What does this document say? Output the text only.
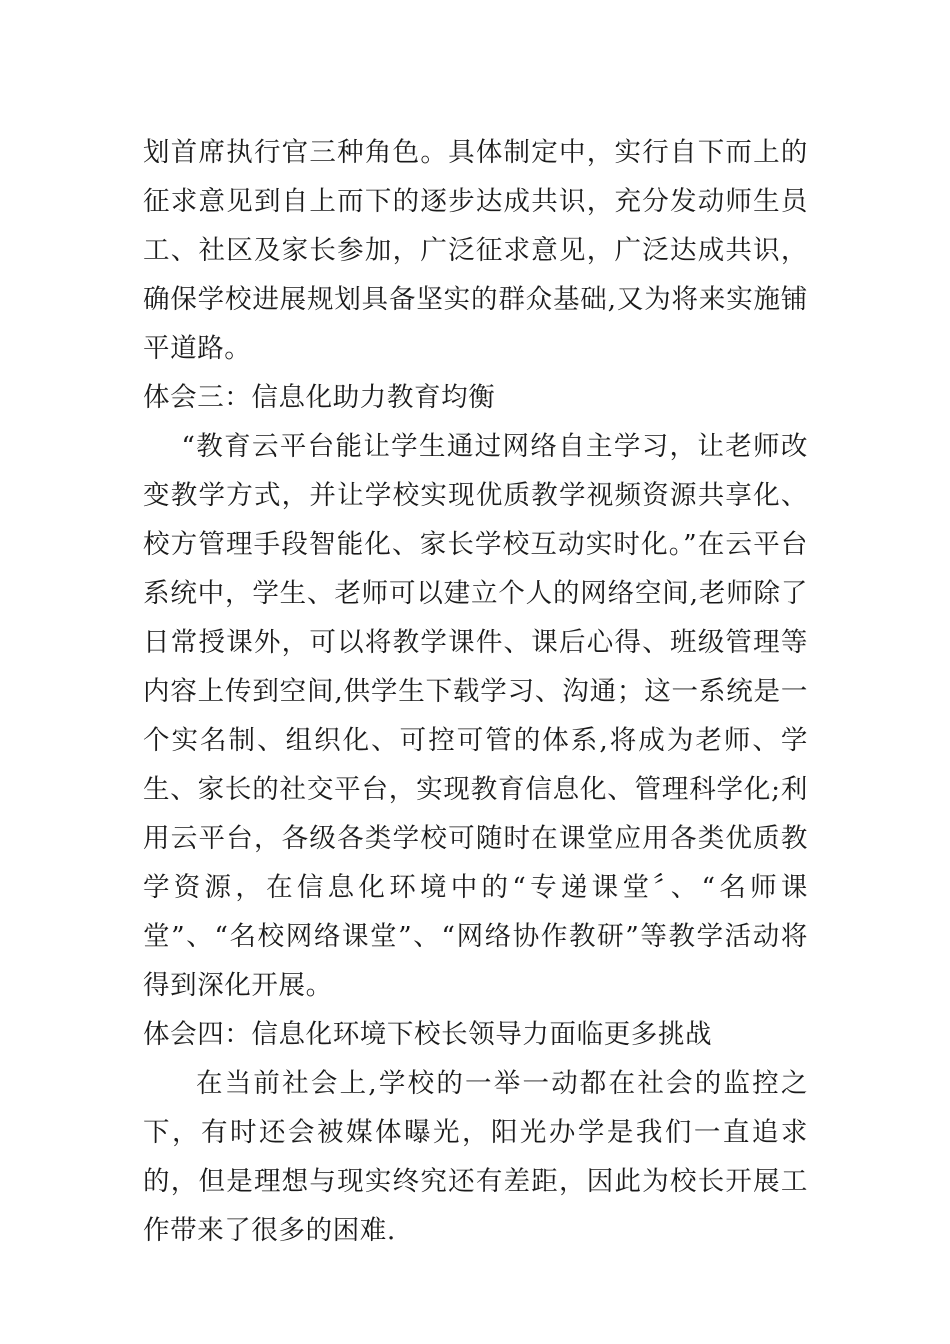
划首席执行官三种角色。具体制定中，实行自下而上的征求意见到自上而下的逐步达成共识，充分发动师生员工、社区及家长参加，广泛征求意见，广泛达成共识，确保学校进展规划具备坚实的群众基础,又为将来实施铺平道路。

体会三：信息化助力教育均衡

“教育云平台能让学生通过网络自主学习，让老师改变教学方式，并让学校实现优质教学视频资源共享化、校方管理手段智能化、家长学校互动实时化。”在云平台系统中，学生、老师可以建立个人的网络空间,老师除了日常授课外，可以将教学课件、课后心得、班级管理等内容上传到空间,供学生下载学习、沟通；这一系统是一个实名制、组织化、可控可管的体系,将成为老师、学生、家长的社交平台，实现教育信息化、管理科学化;利用云平台，各级各类学校可随时在课堂应用各类优质教学资源，在信息化环境中的“专递课堂〞、“名师课堂”、“名校网络课堂”、“网络协作教研”等教学活动将得到深化开展。

体会四：信息化环境下校长领导力面临更多挑战

在当前社会上,学校的一举一动都在社会的监控之下，有时还会被媒体曝光，阳光办学是我们一直追求的，但是理想与现实终究还有差距，因此为校长开展工作带来了很多的困难.
